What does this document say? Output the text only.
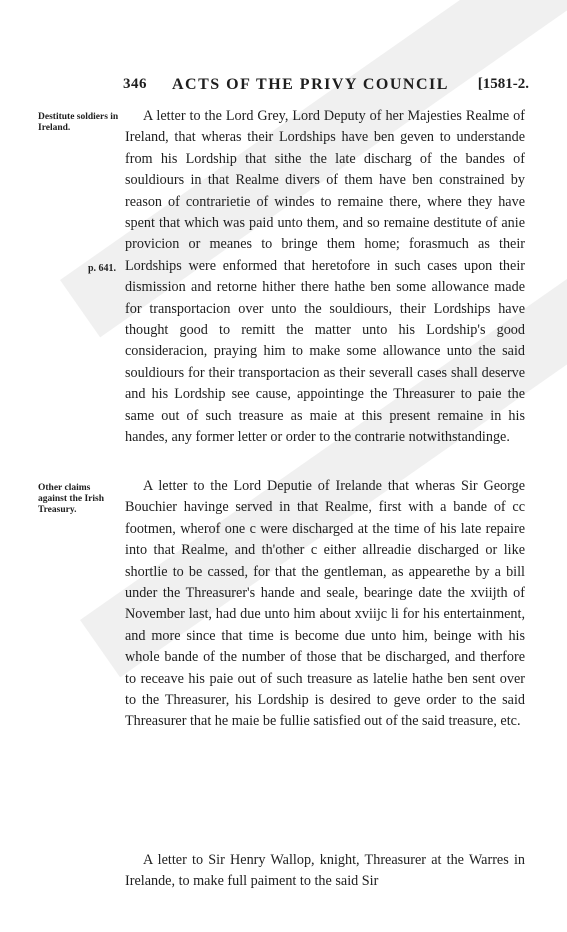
346 ACTS OF THE PRIVY COUNCIL [1581-2.
Destitute soldiers in Ireland.
p. 641.

A letter to the Lord Grey, Lord Deputy of her Majesties Realme of Ireland, that wheras their Lordships have ben geven to understande from his Lordship that sithe the late discharg of the bandes of souldiours in that Realme divers of them have ben constrained by reason of contrarietie of windes to remaine there, where they have spent that which was paid unto them, and so remaine destitute of anie provicion or meanes to bringe them home; forasmuch as their Lordships were enformed that heretofore in such cases upon their dismission and retorne hither there hathe ben some allowance made for transportacion over unto the souldiours, their Lordships have thought good to remitt the matter unto his Lordship's good consideracion, praying him to make some allowance unto the said souldiours for their transportacion as their severall cases shall deserve and his Lordship see cause, appointinge the Threasurer to paie the same out of such treasure as maie at this present remaine in his handes, any former letter or order to the contrarie notwithstandinge.

Other claims against the Irish Treasury.

A letter to the Lord Deputie of Irelande that wheras Sir George Bouchier havinge served in that Realme, first with a bande of cc footmen, wherof one c were discharged at the time of his late repaire into that Realme, and th'other c either allreadie discharged or like shortlie to be cassed, for that the gentleman, as appearethe by a bill under the Threasurer's hande and seale, bearinge date the xviijth of November last, had due unto him about xviijc li for his entertainment, and more since that time is become due unto him, beinge with his whole bande of the number of those that be discharged, and therfore to receave his paie out of such treasure as latelie hathe ben sent over to the Threasurer, his Lordship is desired to geve order to the said Threasurer that he maie be fullie satisfied out of the said treasure, etc.

A letter to Sir Henry Wallop, knight, Threasurer at the Warres in Irelande, to make full paiment to the said Sir
